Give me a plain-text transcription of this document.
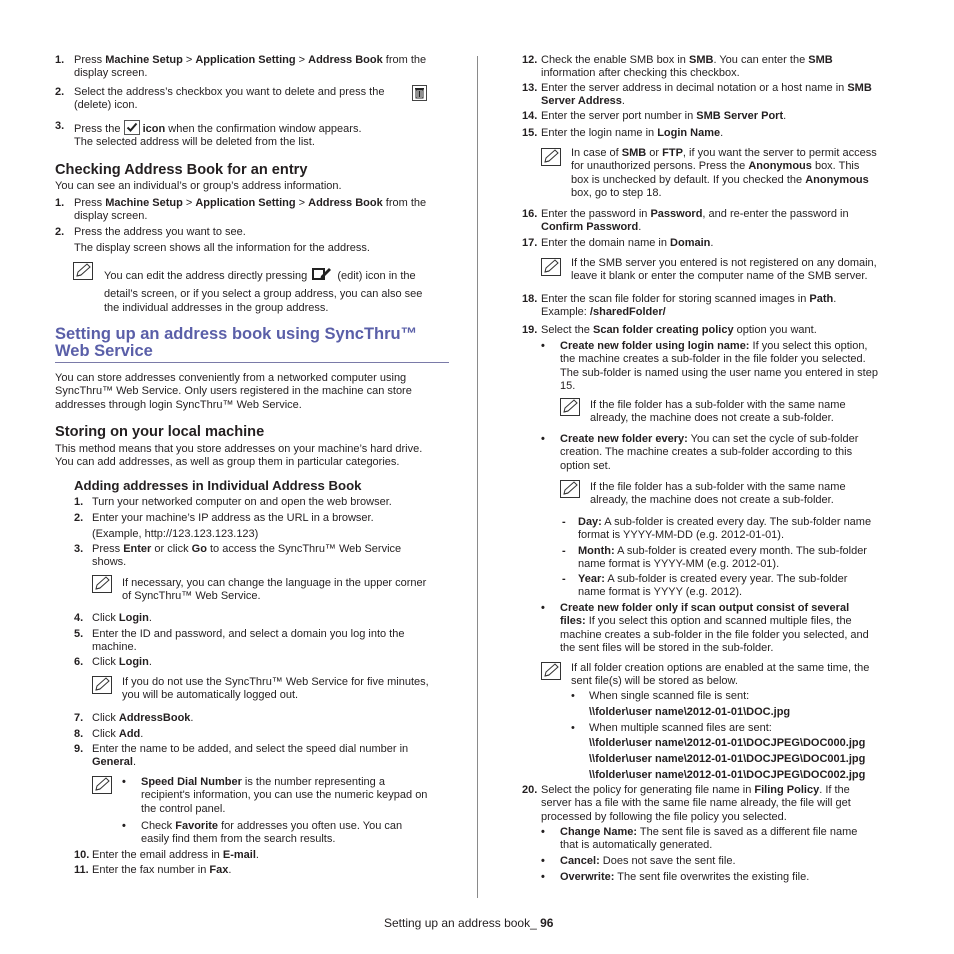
1. Press Machine Setup > Application Setting > Address Book from the
display screen.
2. Select the address’s checkbox you want to delete and press the

(delete) icon.
3. Press the icon when the confirmation window appears.
The selected address will be deleted from the list.
Checking Address Book for an entry
You can see an individual’s or group’s address information.
1. Press Machine Setup > Application Setting > Address Book from the
display screen.
2. Press the address you want to see.
The display screen shows all the information for the address.
You can edit the address directly pressing	(edit) icon in the
detail’s screen, or if you select a group address, you can also see
the individual addresses in the group address.
Setting up an address book using SyncThru™
Web Service
You can store addresses conveniently from a networked computer using
SyncThru™ Web Service. Only users registered in the machine can store
addresses through login SyncThru™ Web Service.
Storing on your local machine
This method means that you store addresses on your machine’s hard drive.
You can add addresses, as well as group them in particular categories.
Adding addresses in Individual Address Book
1. Turn your networked computer on and open the web browser.
2. Enter your machine’s IP address as the URL in a browser.
(Example, http://123.123.123.123)
3. Press Enter or click Go to access the SyncThru™ Web Service
shows.
If necessary, you can change the language in the upper corner
of SyncThru™ Web Service.
4. Click Login.
5. Enter the ID and password, and select a domain you log into the
machine.
6. Click Login.
If you do not use the SyncThru™ Web Service for five minutes,
you will be automatically logged out.
7. Click AddressBook.
8. Click Add.
9. Enter the name to be added, and select the speed dial number in
General.
• Speed Dial Number is the number representing a
recipient's information, you can use the numeric keypad on
the control panel.
• Check Favorite for addresses you often use. You can
easily find them from the search results.
10. Enter the email address in E-mail.
11. Enter the fax number in Fax.
12. Check the enable SMB box in SMB. You can enter the SMB
information after checking this checkbox.
13. Enter the server address in decimal notation or a host name in SMB
Server Address.
14. Enter the server port number in SMB Server Port.
15. Enter the login name in Login Name.
In case of SMB or FTP, if you want the server to permit access
for unauthorized persons. Press the Anonymous box. This
box is unchecked by default. If you checked the Anonymous
box, go to step 18.
16. Enter the password in Password, and re-enter the password in
Confirm Password.
17. Enter the domain name in Domain.
If the SMB server you entered is not registered on any domain,
leave it blank or enter the computer name of the SMB server.
18. Enter the scan file folder for storing scanned images in Path.
Example: /sharedFolder/
19. Select the Scan folder creating policy option you want.
• Create new folder using login name: If you select this option,
the machine creates a sub-folder in the file folder you selected.
The sub-folder is named using the user name you entered in step
15.
If the file folder has a sub-folder with the same name
already, the machine does not create a sub-folder.
• Create new folder every: You can set the cycle of sub-folder
creation. The machine creates a sub-folder according to this
option set.
If the file folder has a sub-folder with the same name
already, the machine does not create a sub-folder.
- Day: A sub-folder is created every day. The sub-folder name
format is YYYY-MM-DD (e.g. 2012-01-01).
- Month: A sub-folder is created every month. The sub-folder
name format is YYYY-MM (e.g. 2012-01).
- Year: A sub-folder is created every year. The sub-folder
name format is YYYY (e.g. 2012).
• Create new folder only if scan output consist of several
files: If you select this option and scanned multiple files, the
machine creates a sub-folder in the file folder you selected, and
the sent files will be stored in the sub-folder.
If all folder creation options are enabled at the same time, the
sent file(s) will be stored as below.
• When single scanned file is sent:
\\folder\user name\2012-01-01\DOC.jpg
• When multiple scanned files are sent:
\\folder\user name\2012-01-01\DOCJPEG\DOC000.jpg
\\folder\user name\2012-01-01\DOCJPEG\DOC001.jpg
\\folder\user name\2012-01-01\DOCJPEG\DOC002.jpg
20. Select the policy for generating file name in Filing Policy. If the
server has a file with the same file name already, the file will get
processed by following the file policy you selected.
• Change Name: The sent file is saved as a different file name
that is automatically generated.
• Cancel: Does not save the sent file.
• Overwrite: The sent file overwrites the existing file.
Setting up an address book_ 96
